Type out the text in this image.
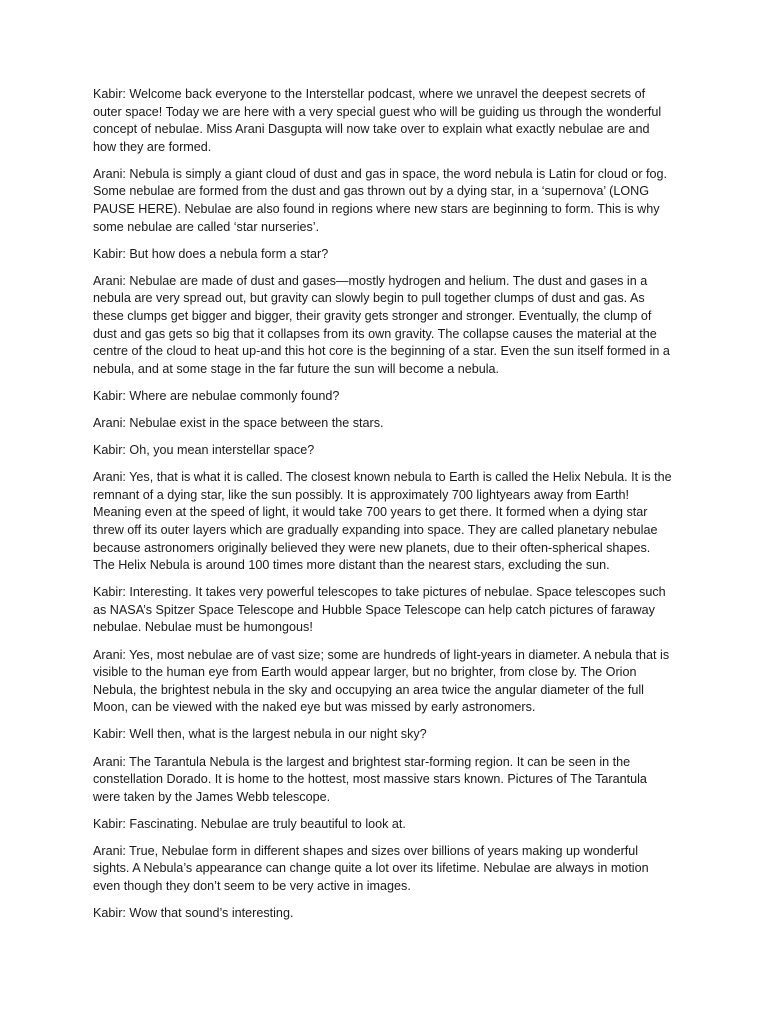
Kabir: Welcome back everyone to the Interstellar podcast, where we unravel the deepest secrets of outer space! Today we are here with a very special guest who will be guiding us through the wonderful concept of nebulae. Miss Arani Dasgupta will now take over to explain what exactly nebulae are and how they are formed.

Arani: Nebula is simply a giant cloud of dust and gas in space, the word nebula is Latin for cloud or fog. Some nebulae are formed from the dust and gas thrown out by a dying star, in a ‘supernova’ (LONG PAUSE HERE). Nebulae are also found in regions where new stars are beginning to form. This is why some nebulae are called ‘star nurseries’.

Kabir: But how does a nebula form a star?

Arani: Nebulae are made of dust and gases—mostly hydrogen and helium. The dust and gases in a nebula are very spread out, but gravity can slowly begin to pull together clumps of dust and gas. As these clumps get bigger and bigger, their gravity gets stronger and stronger. Eventually, the clump of dust and gas gets so big that it collapses from its own gravity. The collapse causes the material at the centre of the cloud to heat up-and this hot core is the beginning of a star. Even the sun itself formed in a nebula, and at some stage in the far future the sun will become a nebula.

Kabir: Where are nebulae commonly found?

Arani: Nebulae exist in the space between the stars.

Kabir: Oh, you mean interstellar space?

Arani: Yes, that is what it is called. The closest known nebula to Earth is called the Helix Nebula. It is the remnant of a dying star, like the sun possibly. It is approximately 700 lightyears away from Earth! Meaning even at the speed of light, it would take 700 years to get there. It formed when a dying star threw off its outer layers which are gradually expanding into space. They are called planetary nebulae because astronomers originally believed they were new planets, due to their often-spherical shapes. The Helix Nebula is around 100 times more distant than the nearest stars, excluding the sun.

Kabir: Interesting. It takes very powerful telescopes to take pictures of nebulae. Space telescopes such as NASA’s Spitzer Space Telescope and Hubble Space Telescope can help catch pictures of faraway nebulae. Nebulae must be humongous!

Arani: Yes, most nebulae are of vast size; some are hundreds of light-years in diameter. A nebula that is visible to the human eye from Earth would appear larger, but no brighter, from close by. The Orion Nebula, the brightest nebula in the sky and occupying an area twice the angular diameter of the full Moon, can be viewed with the naked eye but was missed by early astronomers.

Kabir: Well then, what is the largest nebula in our night sky?

Arani: The Tarantula Nebula is the largest and brightest star-forming region. It can be seen in the constellation Dorado. It is home to the hottest, most massive stars known. Pictures of The Tarantula were taken by the James Webb telescope.

Kabir: Fascinating. Nebulae are truly beautiful to look at.

Arani: True, Nebulae form in different shapes and sizes over billions of years making up wonderful sights. A Nebula’s appearance can change quite a lot over its lifetime. Nebulae are always in motion even though they don’t seem to be very active in images.

Kabir: Wow that sound’s interesting.
